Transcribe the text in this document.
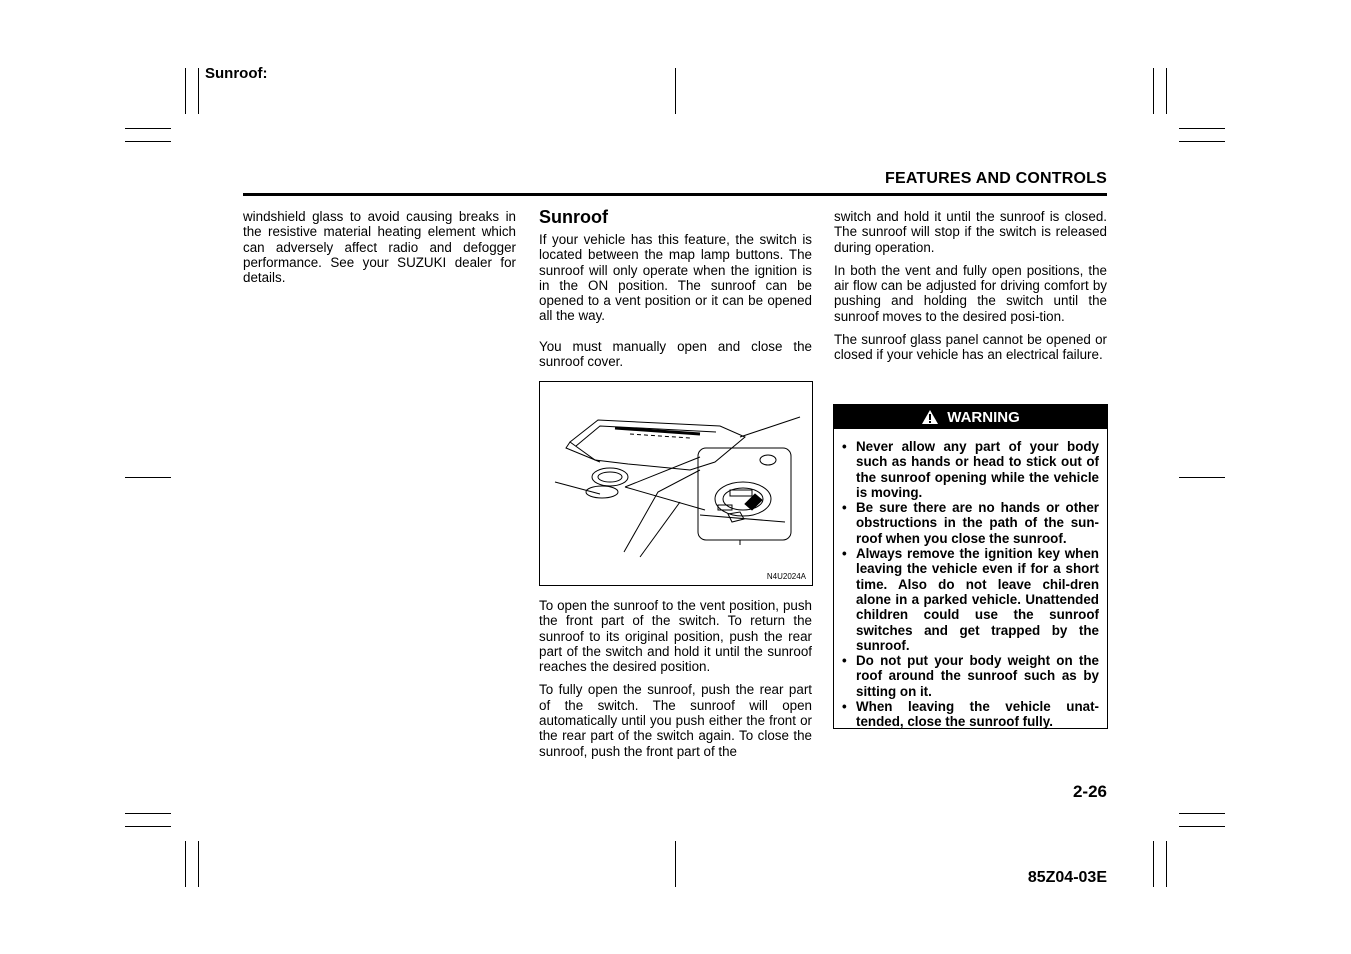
Sunroof:
FEATURES AND CONTROLS

windshield glass to avoid causing breaks in the resistive material heating element which can adversely affect radio and defogger performance. See your SUZUKI dealer for details.

Sunroof

If your vehicle has this feature, the switch is located between the map lamp buttons. The sunroof will only operate when the ignition is in the ON position. The sunroof can be opened to a vent position or it can be opened all the way.

You must manually open and close the sunroof cover.

N4U2024A

To open the sunroof to the vent position, push the front part of the switch. To return the sunroof to its original position, push the rear part of the switch and hold it until the sunroof reaches the desired position.

To fully open the sunroof, push the rear part of the switch. The sunroof will open automatically until you push either the front or the rear part of the switch again. To close the sunroof, push the front part of the

switch and hold it until the sunroof is closed. The sunroof will stop if the switch is released during operation.

In both the vent and fully open positions, the air flow can be adjusted for driving comfort by pushing and holding the switch until the sunroof moves to the desired posi-tion.

The sunroof glass panel cannot be opened or closed if your vehicle has an electrical failure.

WARNING
• Never allow any part of your body such as hands or head to stick out of the sunroof opening while the vehicle is moving.
• Be sure there are no hands or other obstructions in the path of the sun-roof when you close the sunroof.
• Always remove the ignition key when leaving the vehicle even if for a short time. Also do not leave chil-dren alone in a parked vehicle. Unattended children could use the sunroof switches and get trapped by the sunroof.
• Do not put your body weight on the roof around the sunroof such as by sitting on it.
• When leaving the vehicle unat-tended, close the sunroof fully.
2-26
85Z04-03E
